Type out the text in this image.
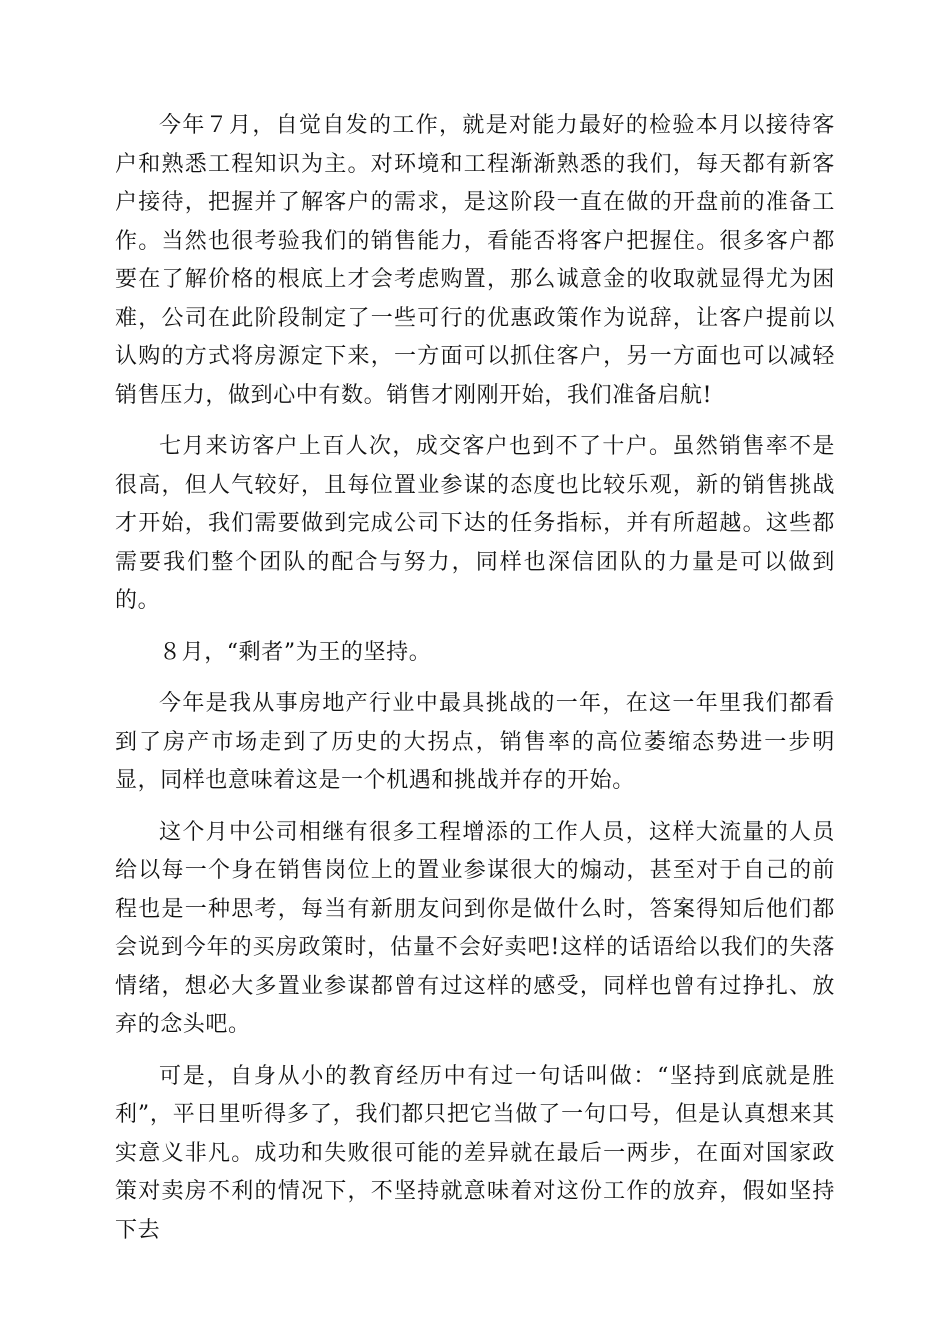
今年７月，自觉自发的工作，就是对能力最好的检验本月以接待客户和熟悉工程知识为主。对环境和工程渐渐熟悉的我们，每天都有新客户接待，把握并了解客户的需求，是这阶段一直在做的开盘前的准备工作。当然也很考验我们的销售能力，看能否将客户把握住。很多客户都要在了解价格的根底上才会考虑购置，那么诚意金的收取就显得尤为困难，公司在此阶段制定了一些可行的优惠政策作为说辞，让客户提前以认购的方式将房源定下来，一方面可以抓住客户，另一方面也可以减轻销售压力，做到心中有数。销售才刚刚开始，我们准备启航!

七月来访客户上百人次，成交客户也到不了十户。虽然销售率不是很高，但人气较好，且每位置业参谋的态度也比较乐观，新的销售挑战才开始，我们需要做到完成公司下达的任务指标，并有所超越。这些都需要我们整个团队的配合与努力，同样也深信团队的力量是可以做到的。

８月，“剩者”为王的坚持。

今年是我从事房地产行业中最具挑战的一年，在这一年里我们都看到了房产市场走到了历史的大拐点，销售率的高位萎缩态势进一步明显，同样也意味着这是一个机遇和挑战并存的开始。

这个月中公司相继有很多工程增添的工作人员，这样大流量的人员给以每一个身在销售岗位上的置业参谋很大的煽动，甚至对于自己的前程也是一种思考，每当有新朋友问到你是做什么时，答案得知后他们都会说到今年的买房政策时，估量不会好卖吧!这样的话语给以我们的失落情绪，想必大多置业参谋都曾有过这样的感受，同样也曾有过挣扎、放弃的念头吧。

可是，自身从小的教育经历中有过一句话叫做：“坚持到底就是胜利”，平日里听得多了，我们都只把它当做了一句口号，但是认真想来其实意义非凡。成功和失败很可能的差异就在最后一两步，在面对国家政策对卖房不利的情况下，不坚持就意味着对这份工作的放弃，假如坚持下去
